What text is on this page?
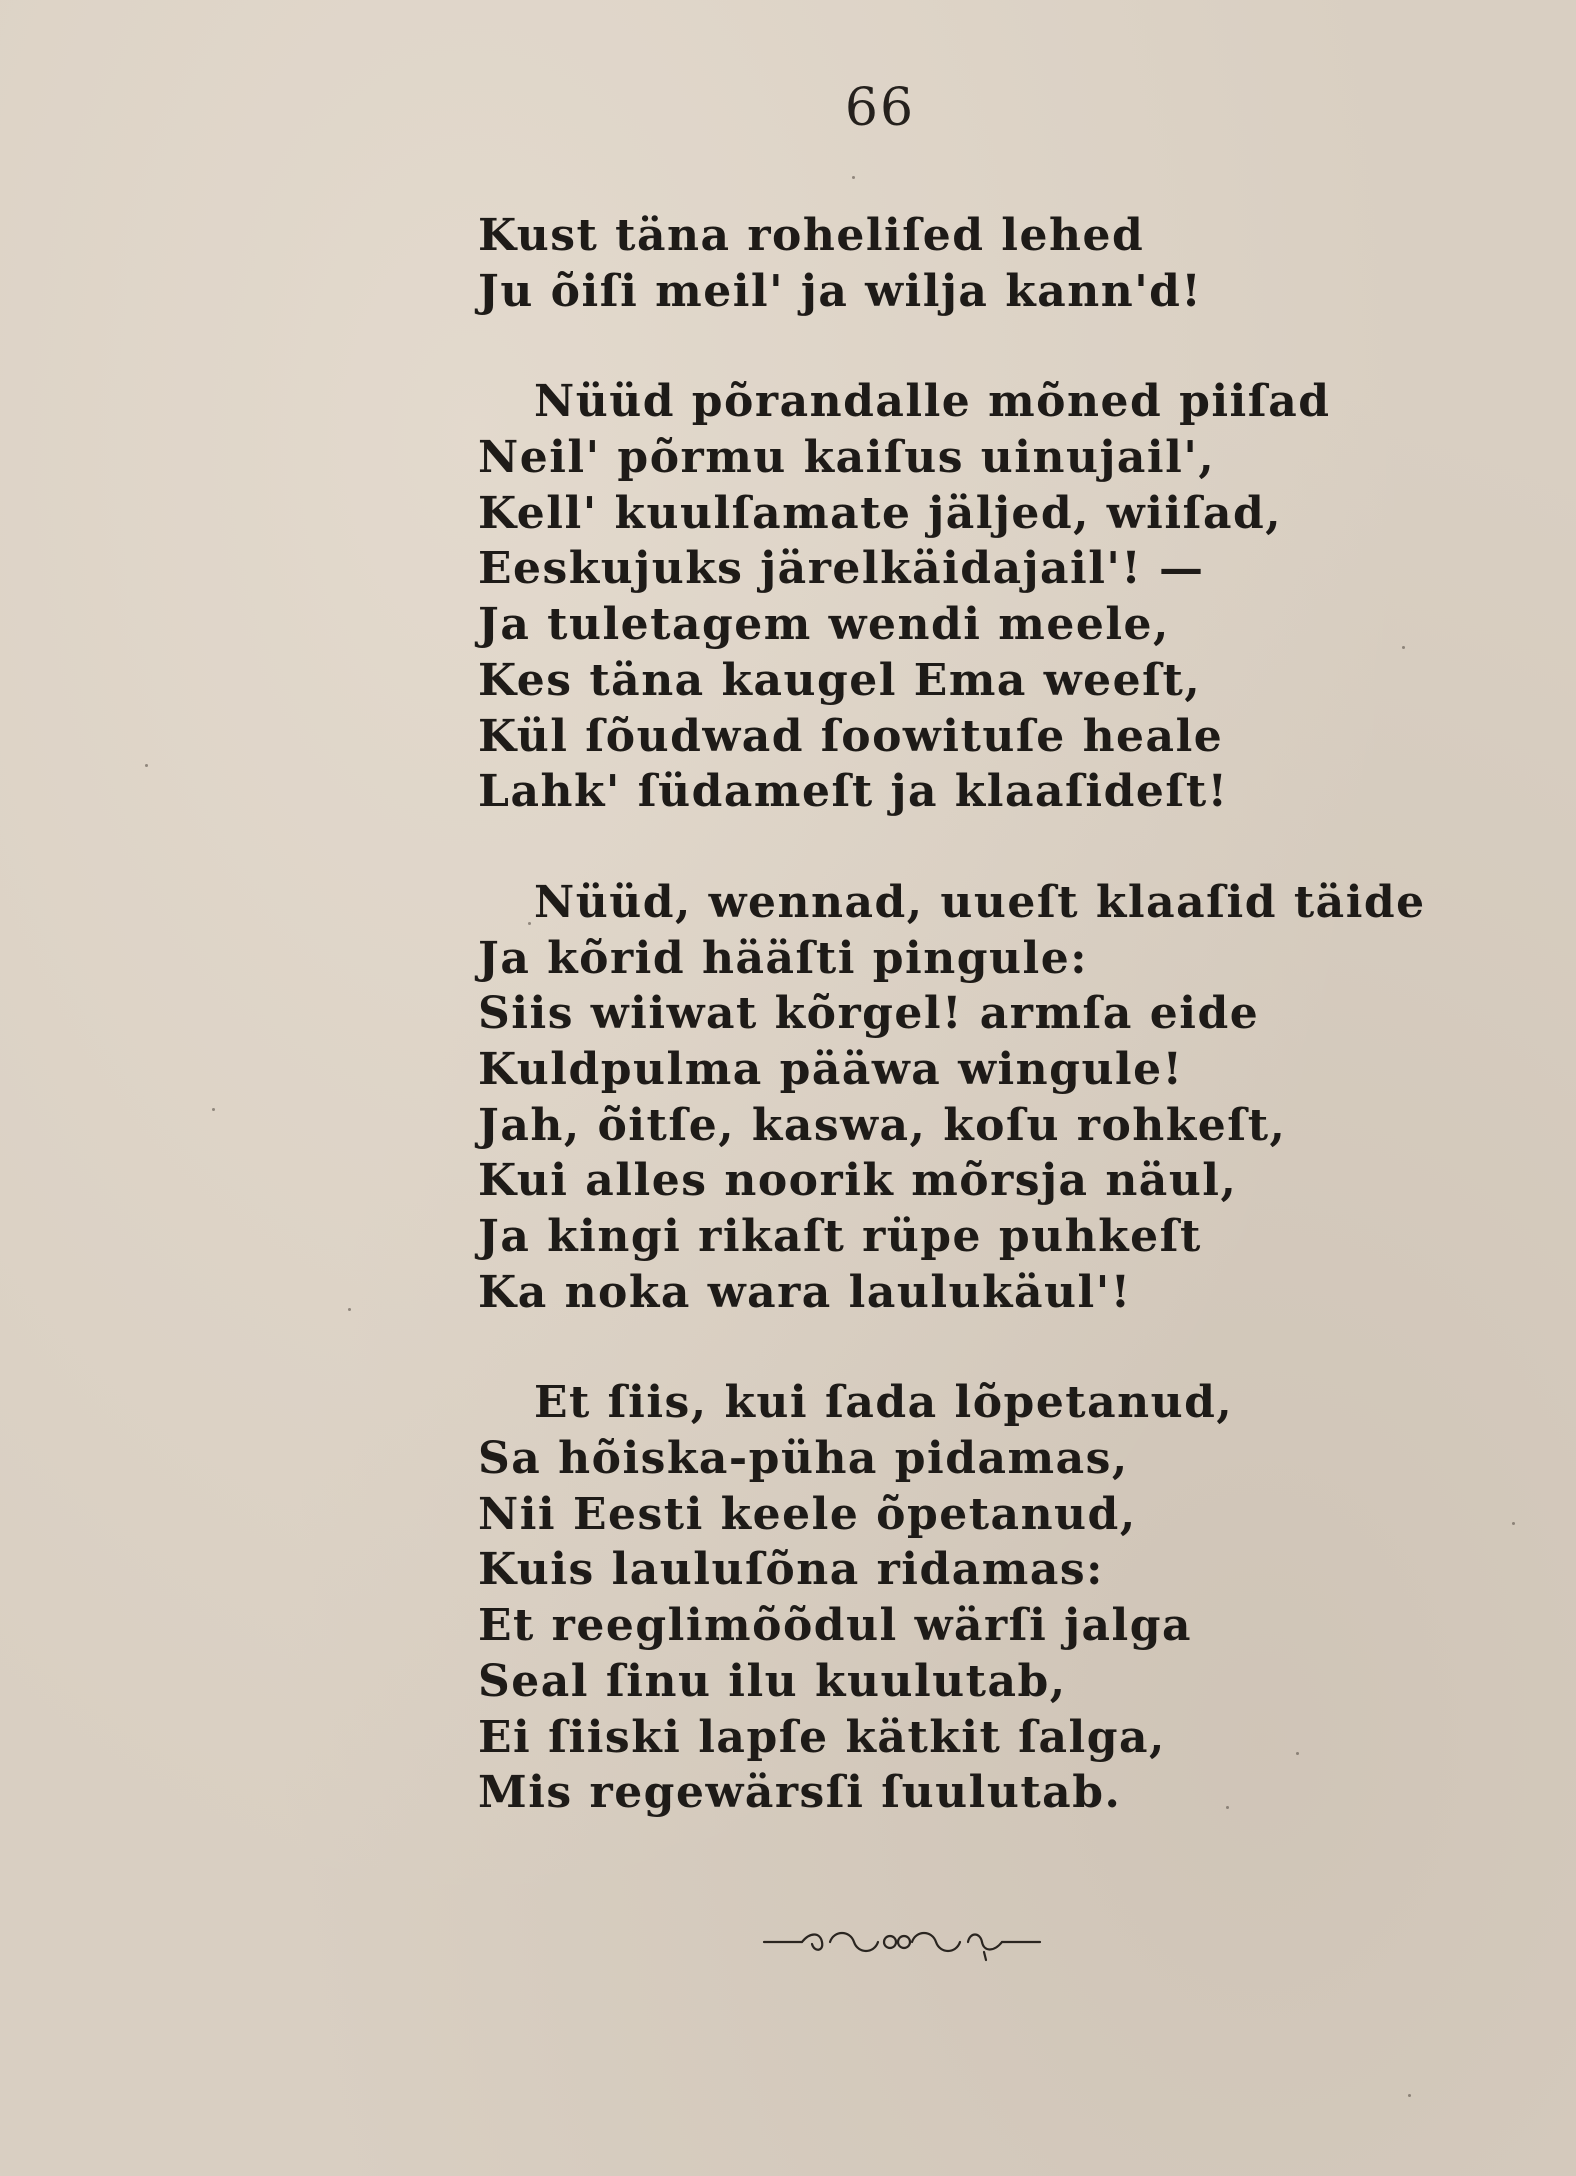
66
Kust täna roheliſed lehed
Ju õiſi meil' ja wilja kann'd!
Nüüd põrandalle mõned piiſad
Neil' põrmu kaiſus uinujail',
Kell' kuulſamate jäljed, wiiſad,
Eeskujuks järelkäidajail'! —
Ja tuletagem wendi meele,
Kes täna kaugel Ema weeſt,
Kül ſõudwad ſoowituſe heale
Lahk' ſüdameſt ja klaaſideſt!
Nüüd, wennad, uueſt klaaſid täide
Ja kõrid hääſti pingule:
Siis wiiwat kõrgel! armſa eide
Kuldpulma pääwa wingule!
Jah, õitſe, kaswa, koſu rohkeſt,
Kui alles noorik mõrsja näul,
Ja kingi rikaſt rüpe puhkeſt
Ka noka wara laulukäul'!
Et ſiis, kui ſada lõpetanud,
Sa hõiska-püha pidamas,
Nii Eesti keele õpetanud,
Kuis lauluſõna ridamas:
Et reeglimõõdul wärſi jalga
Seal ſinu ilu kuulutab,
Ei ſiiski lapſe kätkit ſalga,
Mis regewärsſi ſuulutab.
